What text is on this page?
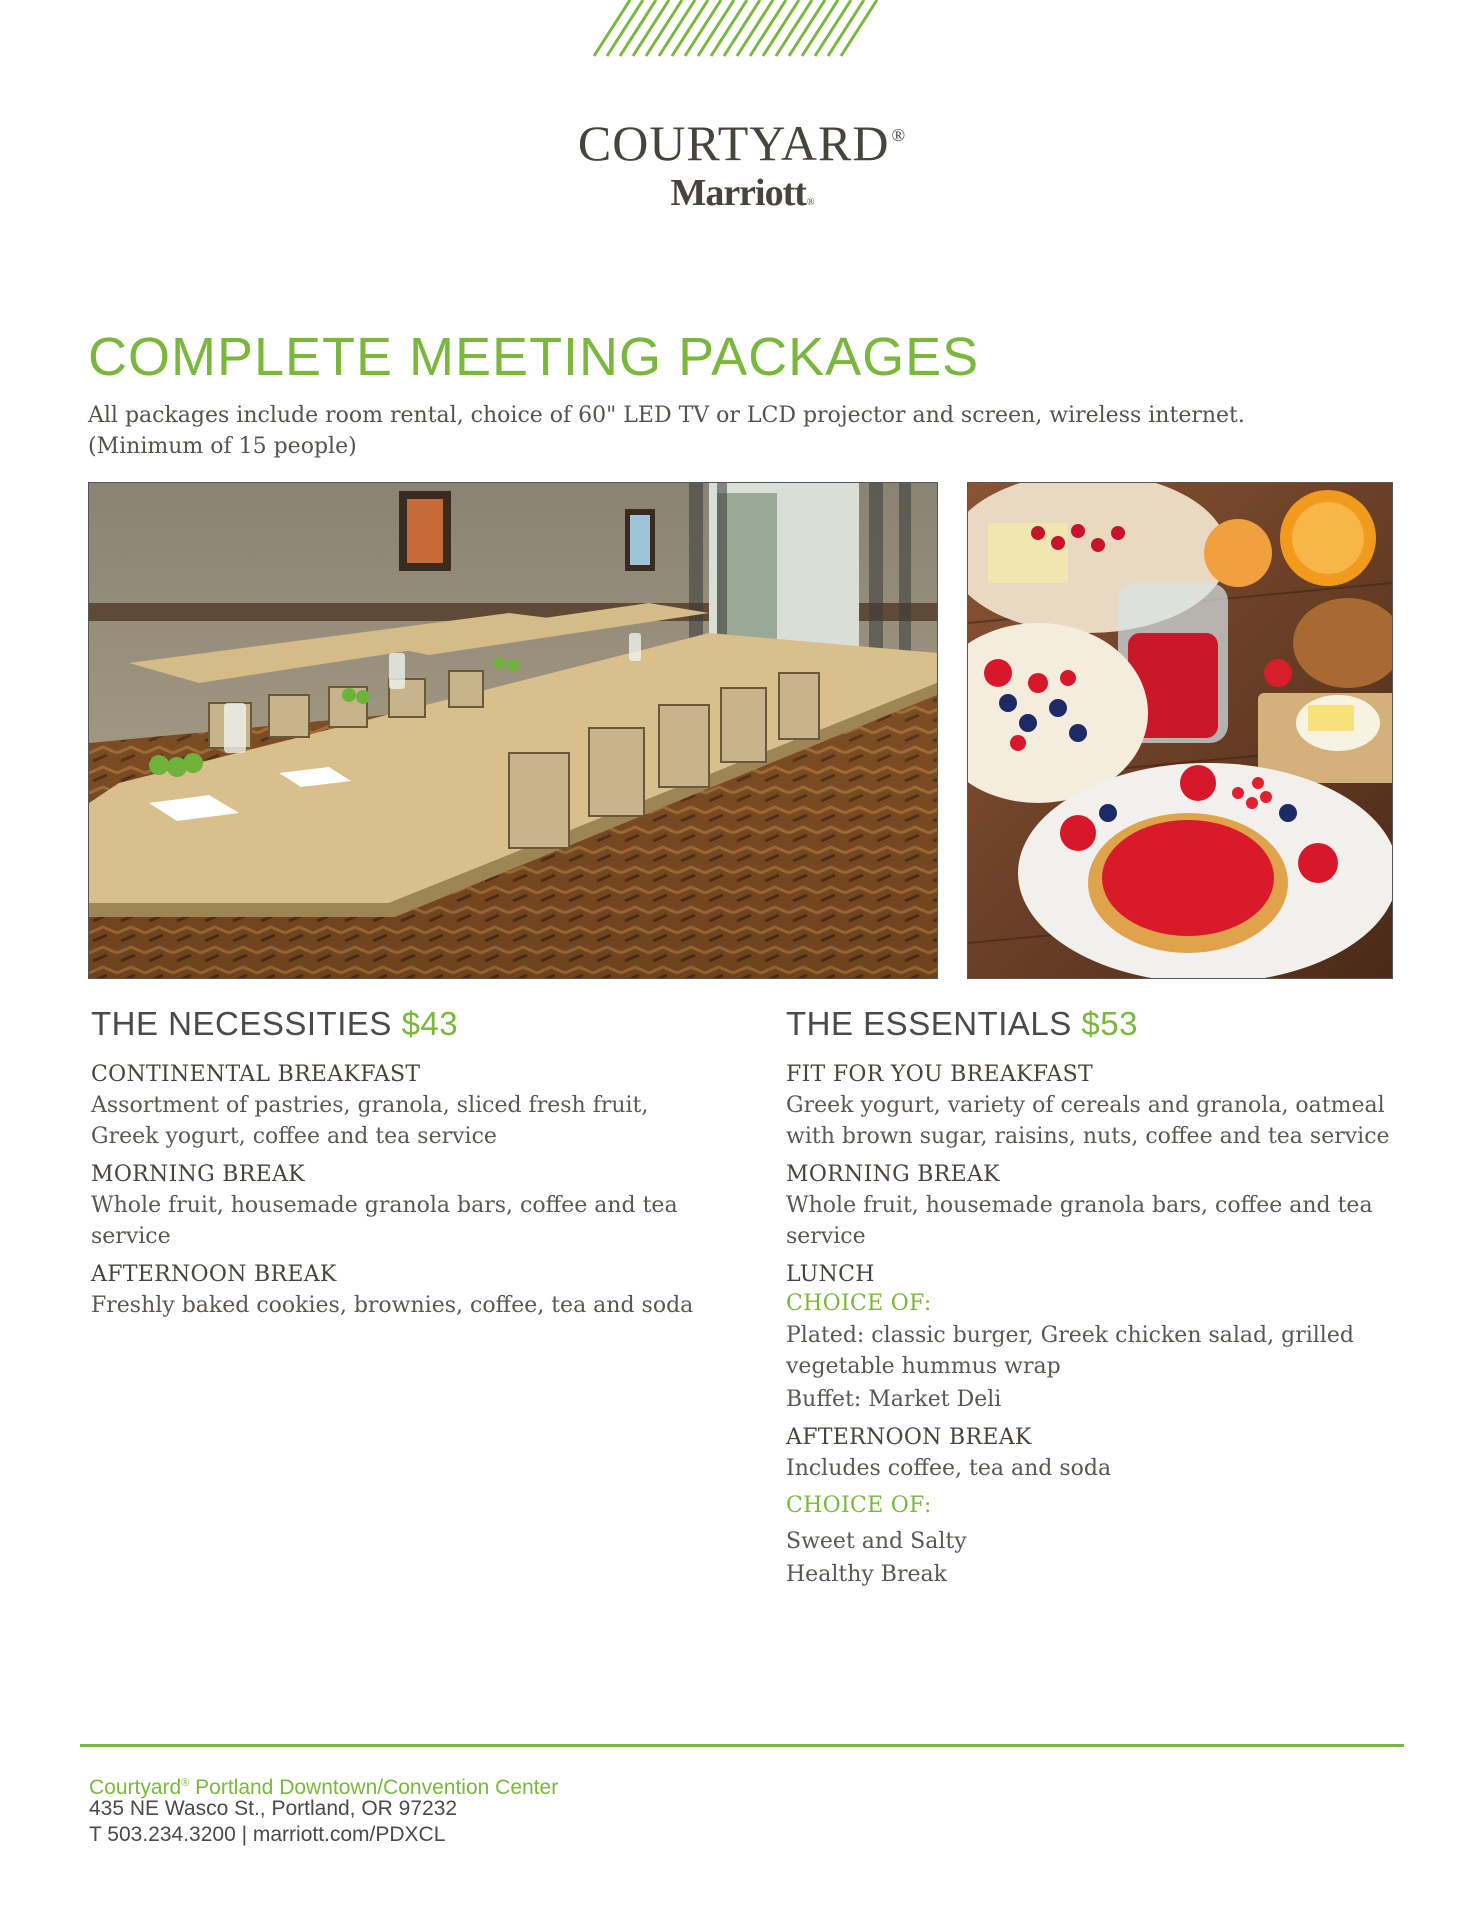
COURTYARD ®
Marriott®
COMPLETE MEETING PACKAGES

All packages include room rental, choice of 60" LED TV or LCD projector and screen, wireless internet.
(Minimum of 15 people)

THE NECESSITIES $43

CONTINENTAL BREAKFAST

Assortment of pastries, granola, sliced fresh fruit, Greek yogurt, coffee and tea service

MORNING BREAK

Whole fruit, housemade granola bars, coffee and tea service

AFTERNOON BREAK

Freshly baked cookies, brownies, coffee, tea and soda

THE ESSENTIALS $53

FIT FOR YOU BREAKFAST

Greek yogurt, variety of cereals and granola, oatmeal with brown sugar, raisins, nuts, coffee and tea service

MORNING BREAK

Whole fruit, housemade granola bars, coffee and tea service

LUNCH

CHOICE OF:

Plated: classic burger, Greek chicken salad, grilled vegetable hummus wrap

Buffet: Market Deli

AFTERNOON BREAK

Includes coffee, tea and soda

CHOICE OF:

Sweet and Salty

Healthy Break

Courtyard® Portland Downtown/Convention Center
435 NE Wasco St., Portland, OR 97232
T 503.234.3200 | marriott.com/PDXCL
